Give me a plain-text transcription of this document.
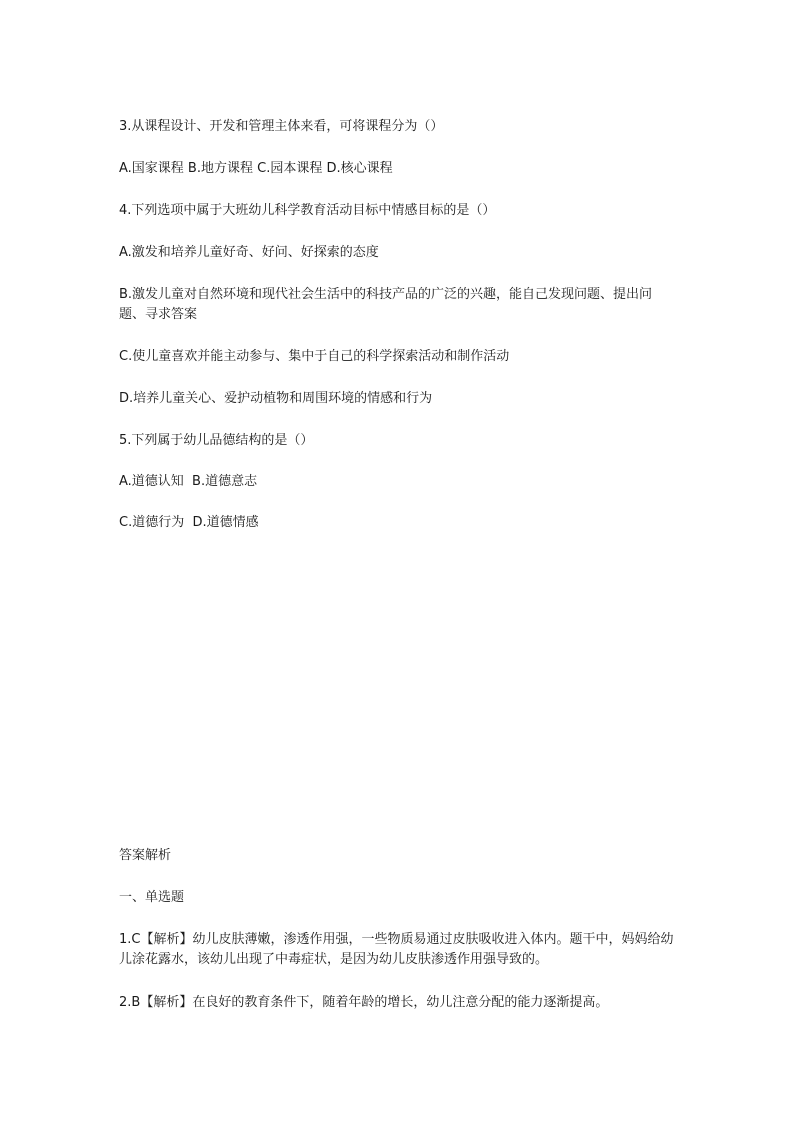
3.从课程设计、开发和管理主体来看，可将课程分为（）
A.国家课程 B.地方课程 C.园本课程 D.核心课程
4.下列选项中属于大班幼儿科学教育活动目标中情感目标的是（）
A.激发和培养儿童好奇、好问、好探索的态度
B.激发儿童对自然环境和现代社会生活中的科技产品的广泛的兴趣，能自己发现问题、提出问题、寻求答案
C.使儿童喜欢并能主动参与、集中于自己的科学探索活动和制作活动
D.培养儿童关心、爱护动植物和周围环境的情感和行为
5.下列属于幼儿品德结构的是（）
A.道德认知  B.道德意志
C.道德行为  D.道德情感
答案解析
一、单选题
1.C【解析】幼儿皮肤薄嫩，渗透作用强，一些物质易通过皮肤吸收进入体内。题干中，妈妈给幼儿涂花露水，该幼儿出现了中毒症状，是因为幼儿皮肤渗透作用强导致的。
2.B【解析】在良好的教育条件下，随着年龄的增长，幼儿注意分配的能力逐渐提高。
